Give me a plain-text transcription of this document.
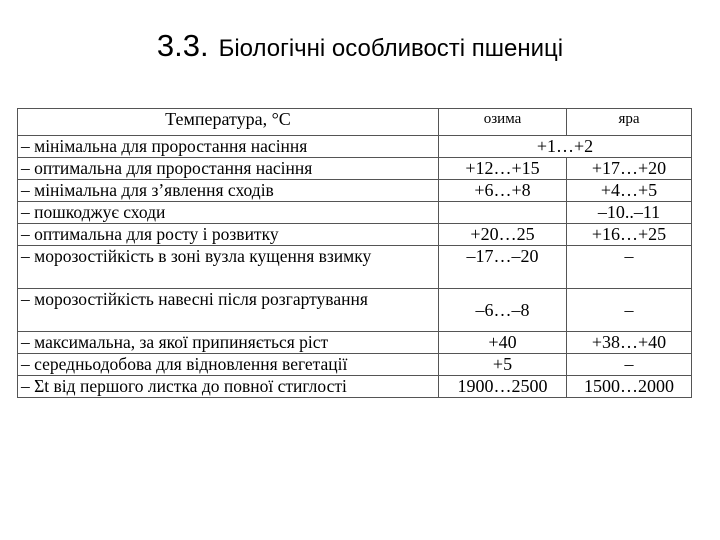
3.3. Біологічні особливості пшениці
Температура, °С	озима	яра
– мінімальна для проростання насіння	+1…+2	
– оптимальна для проростання насіння	+12…+15	+17…+20
– мінімальна для з’явлення сходів	+6…+8	+4…+5
– пошкоджує сходи		–10..–11
– оптимальна для росту і розвитку	+20…25	+16…+25
– морозостійкість в зоні вузла кущення взимку	–17…–20	–
– морозостійкість навесні після розгартування	–6…–8	–
– максимальна, за якої припиняється ріст	+40	+38…+40
– середньодобова для відновлення вегетації	+5	–
– Σt від першого листка до повної стиглості	1900…2500	1500…2000
